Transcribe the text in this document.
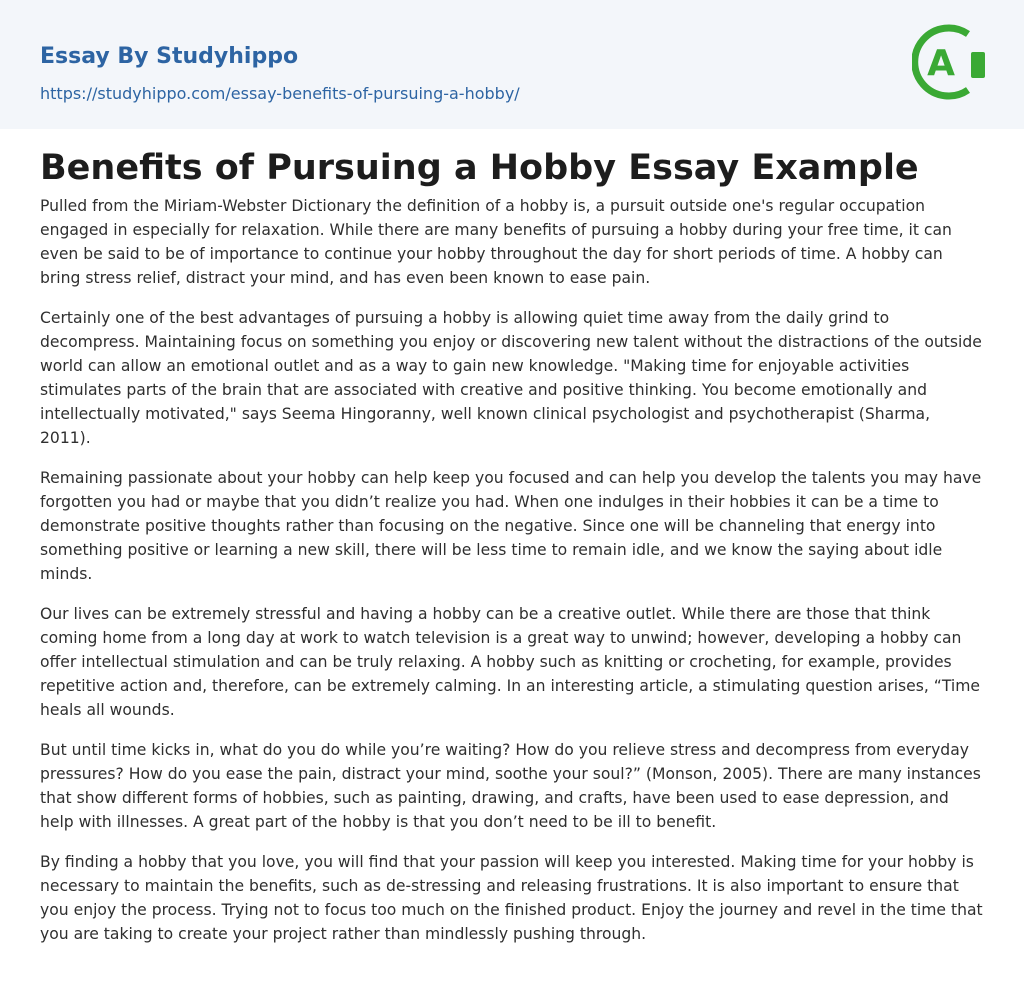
Essay By Studyhippo
https://studyhippo.com/essay-benefits-of-pursuing-a-hobby/
A
Benefits of Pursuing a Hobby Essay Example

Pulled from the Miriam-Webster Dictionary the definition of a hobby is, a pursuit outside one's regular occupation engaged in especially for relaxation. While there are many benefits of pursuing a hobby during your free time, it can even be said to be of importance to continue your hobby throughout the day for short periods of time. A hobby can bring stress relief, distract your mind, and has even been known to ease pain.

Certainly one of the best advantages of pursuing a hobby is allowing quiet time away from the daily grind to decompress. Maintaining focus on something you enjoy or discovering new talent without the distractions of the outside world can allow an emotional outlet and as a way to gain new knowledge. "Making time for enjoyable activities stimulates parts of the brain that are associated with creative and positive thinking. You become emotionally and intellectually motivated," says Seema Hingoranny, well known clinical psychologist and psychotherapist (Sharma, 2011).

Remaining passionate about your hobby can help keep you focused and can help you develop the talents you may have forgotten you had or maybe that you didn’t realize you had. When one indulges in their hobbies it can be a time to demonstrate positive thoughts rather than focusing on the negative. Since one will be channeling that energy into something positive or learning a new skill, there will be less time to remain idle, and we know the saying about idle minds.

Our lives can be extremely stressful and having a hobby can be a creative outlet. While there are those that think coming home from a long day at work to watch television is a great way to unwind; however, developing a hobby can offer intellectual stimulation and can be truly relaxing. A hobby such as knitting or crocheting, for example, provides repetitive action and, therefore, can be extremely calming. In an interesting article, a stimulating question arises, “Time heals all wounds.

But until time kicks in, what do you do while you’re waiting? How do you relieve stress and decompress from everyday pressures? How do you ease the pain, distract your mind, soothe your soul?” (Monson, 2005). There are many instances that show different forms of hobbies, such as painting, drawing, and crafts, have been used to ease depression, and help with illnesses. A great part of the hobby is that you don’t need to be ill to benefit.

By finding a hobby that you love, you will find that your passion will keep you interested. Making time for your hobby is necessary to maintain the benefits, such as de-stressing and releasing frustrations. It is also important to ensure that you enjoy the process. Trying not to focus too much on the finished product. Enjoy the journey and revel in the time that you are taking to create your project rather than mindlessly pushing through.
